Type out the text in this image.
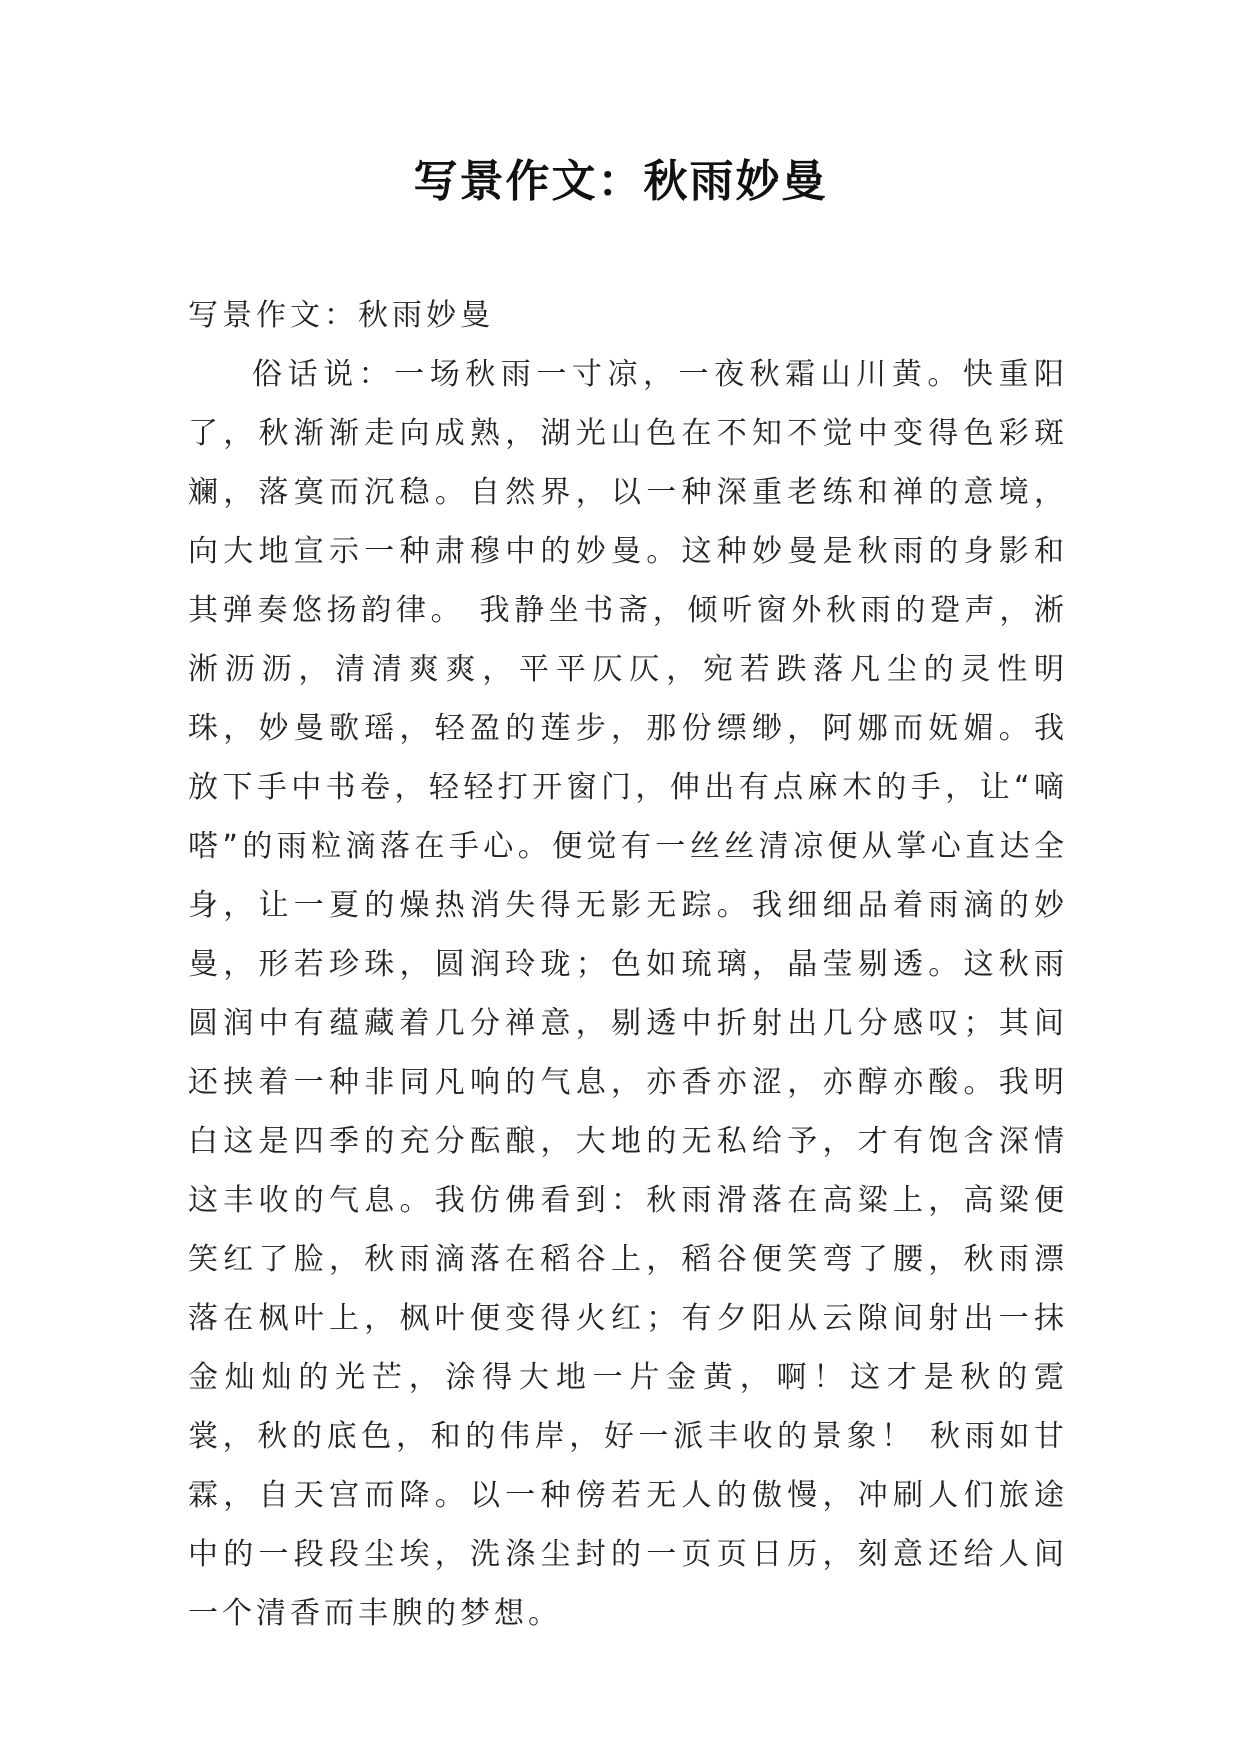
写景作文：秋雨妙曼

写景作文：秋雨妙曼

俗话说：一场秋雨一寸凉，一夜秋霜山川黄。快重阳了，秋渐渐走向成熟，湖光山色在不知不觉中变得色彩斑斓，落寞而沉稳。自然界，以一种深重老练和禅的意境，向大地宣示一种肃穆中的妙曼。这种妙曼是秋雨的身影和其弹奏悠扬韵律。 我静坐书斋，倾听窗外秋雨的跫声，淅淅沥沥，清清爽爽，平平仄仄，宛若跌落凡尘的灵性明珠，妙曼歌瑶，轻盈的莲步，那份缥缈，阿娜而妩媚。我放下手中书卷，轻轻打开窗门，伸出有点麻木的手，让“嘀嗒”的雨粒滴落在手心。便觉有一丝丝清凉便从掌心直达全身，让一夏的燥热消失得无影无踪。我细细品着雨滴的妙曼，形若珍珠，圆润玲珑；色如琉璃，晶莹剔透。这秋雨圆润中有蕴藏着几分禅意，剔透中折射出几分感叹；其间还挟着一种非同凡响的气息，亦香亦涩，亦醇亦酸。我明白这是四季的充分酝酿，大地的无私给予，才有饱含深情这丰收的气息。我仿佛看到：秋雨滑落在高粱上，高粱便笑红了脸，秋雨滴落在稻谷上，稻谷便笑弯了腰，秋雨漂落在枫叶上，枫叶便变得火红；有夕阳从云隙间射出一抹金灿灿的光芒，涂得大地一片金黄，啊！这才是秋的霓裳，秋的底色，和的伟岸，好一派丰收的景象！ 秋雨如甘霖，自天宫而降。以一种傍若无人的傲慢，冲刷人们旅途中的一段段尘埃，洗涤尘封的一页页日历，刻意还给人间一个清香而丰腴的梦想。
